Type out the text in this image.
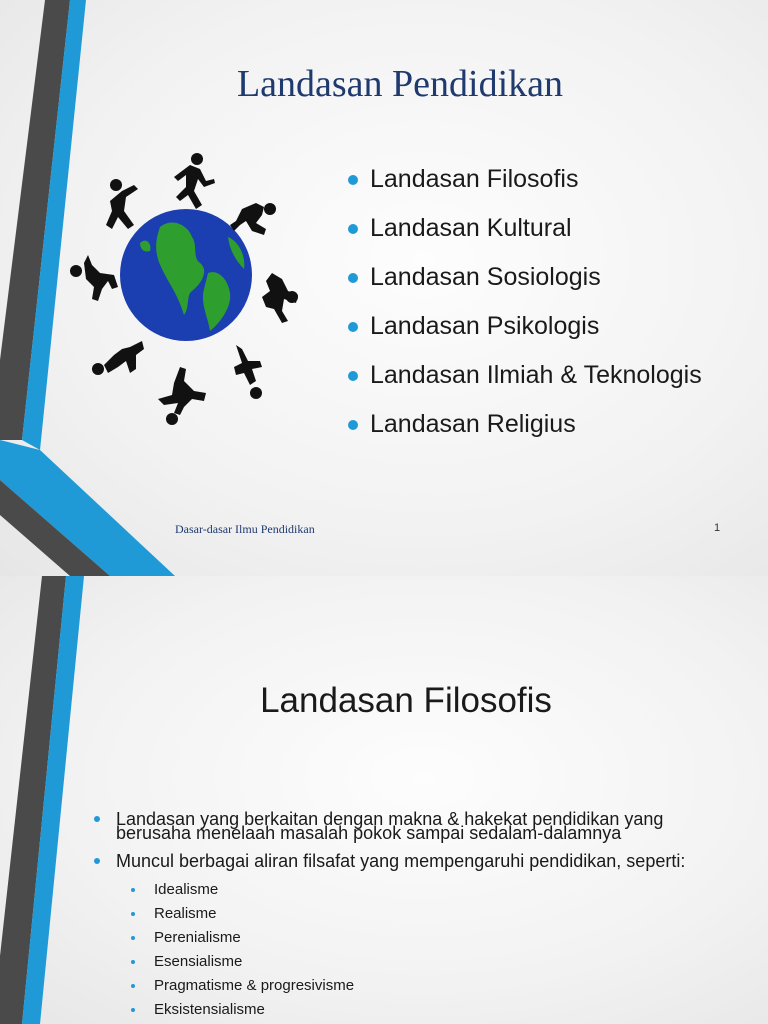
Landasan Pendidikan
Landasan Filosofis
Landasan Kultural
Landasan Sosiologis
Landasan Psikologis
Landasan Ilmiah & Teknologis
Landasan Religius
Dasar-dasar Ilmu Pendidikan	1
Landasan Filosofis
Landasan yang berkaitan dengan makna & hakekat pendidikan yang berusaha menelaah masalah pokok sampai sedalam-dalamnya
Muncul berbagai aliran filsafat yang mempengaruhi pendidikan, seperti:
Idealisme
Realisme
Perenialisme
Esensialisme
Pragmatisme & progresivisme
Eksistensialisme
